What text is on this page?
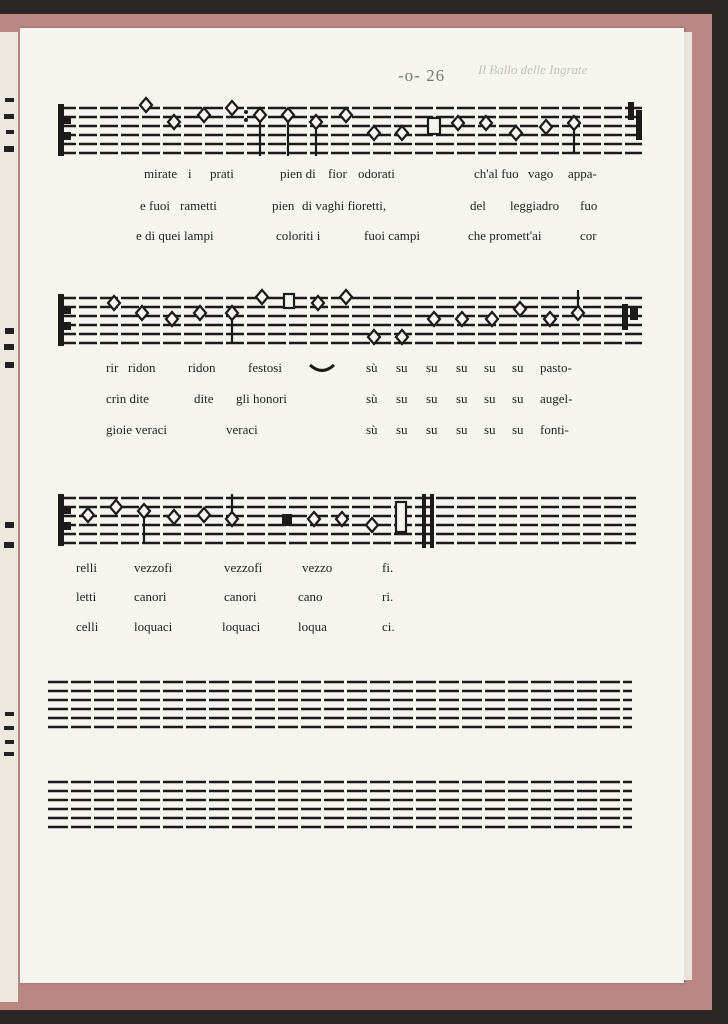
Il Ballo delle Ingrate
-o- 26
mirate i prati	pien di fior odorati	ch'al fuo vago appa-
e fuoi rametti	pien di vaghi fioretti,	del leggiadro fuo
e di quei lampi	coloriti i	fuoi campi	che promett'ai	cor
rir ridon	ridon	festosi	sù su su su su su pasto-
crin dite	dite gli honori	sù su su su su su augel-
gioie veraci	veraci	sù su su su su su fonti-
relli	vezzofi	vezzofi	vezzo	fi.
letti	canori	canori	cano	ri.
celli	loquaci	loquaci	loqua	ci.
